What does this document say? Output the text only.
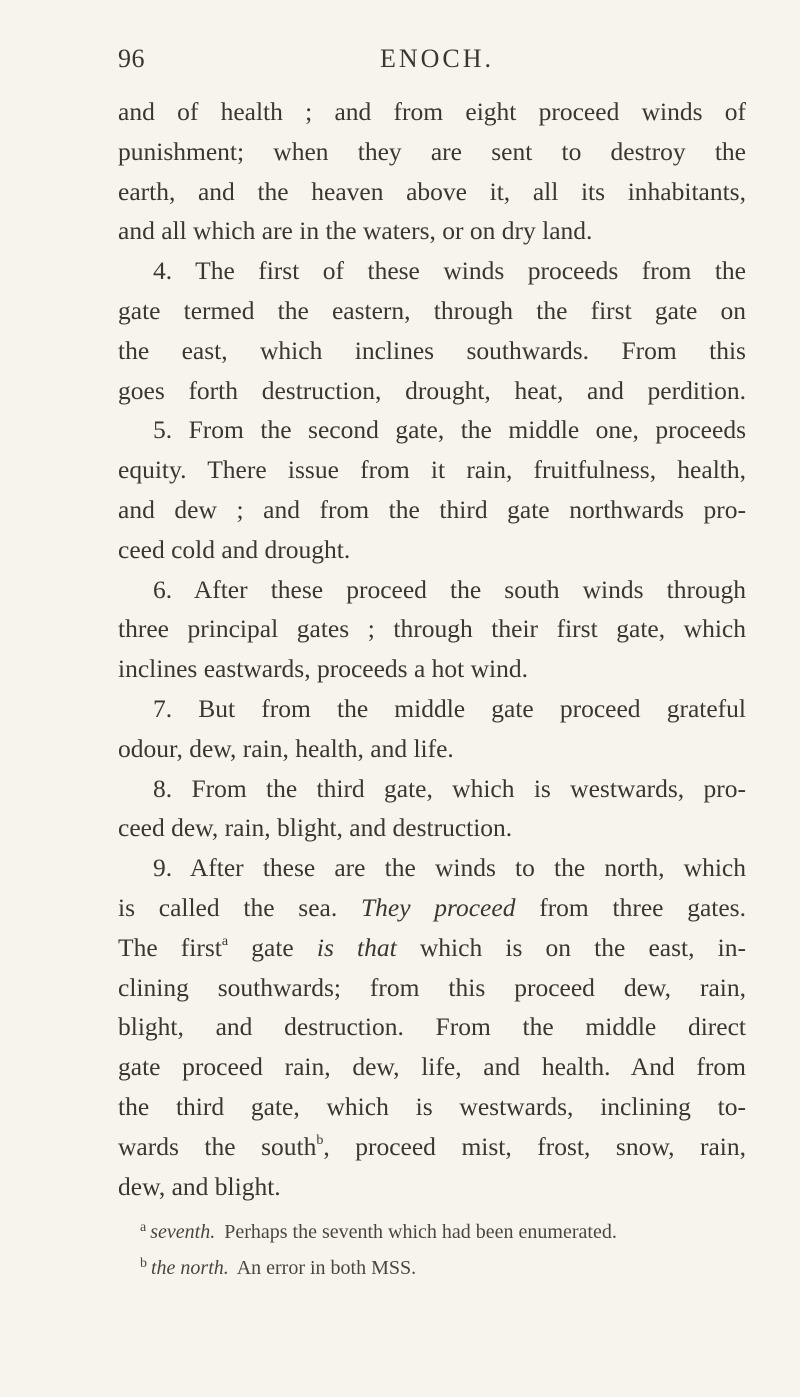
96	ENOCH.
and of health ; and from eight proceed winds of
punishment; when they are sent to destroy the
earth, and the heaven above it, all its inhabitants,
and all which are in the waters, or on dry land.
4. The first of these winds proceeds from the
gate termed the eastern, through the first gate on
the east, which inclines southwards. From this
goes forth destruction, drought, heat, and perdition.
5. From the second gate, the middle one, proceeds
equity. There issue from it rain, fruitfulness, health,
and dew ; and from the third gate northwards pro-
ceed cold and drought.
6. After these proceed the south winds through
three principal gates ; through their first gate, which
inclines eastwards, proceeds a hot wind.
7. But from the middle gate proceed grateful
odour, dew, rain, health, and life.
8. From the third gate, which is westwards, pro-
ceed dew, rain, blight, and destruction.
9. After these are the winds to the north, which
is called the sea. They proceed from three gates.
The first$^a$ gate is that which is on the east, in-
clining southwards; from this proceed dew, rain,
blight, and destruction. From the middle direct
gate proceed rain, dew, life, and health. And from
the third gate, which is westwards, inclining to-
wards the south$^b$, proceed mist, frost, snow, rain,
dew, and blight.
$^a$ seventh. Perhaps the seventh which had been enumerated.
$^b$ the north. An error in both MSS.
